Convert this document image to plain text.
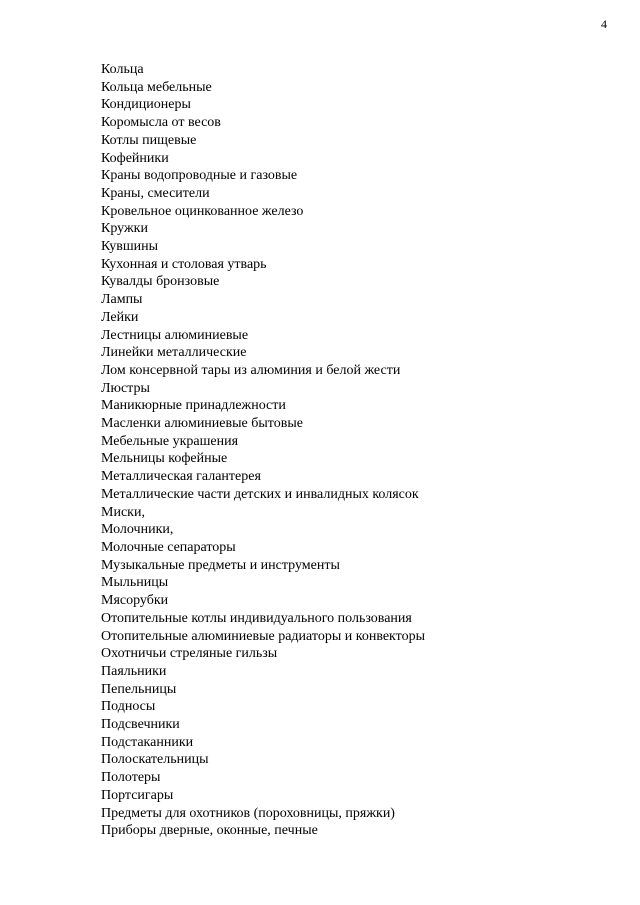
4
Кольца
Кольца мебельные
Кондиционеры
Коромысла от весов
Котлы пищевые
Кофейники
Краны водопроводные и газовые
Краны, смесители
Кровельное оцинкованное железо
Кружки
Кувшины
Кухонная и столовая утварь
Кувалды бронзовые
Лампы
Лейки
Лестницы алюминиевые
Линейки металлические
Лом консервной тары из алюминия и белой жести
Люстры
Маникюрные принадлежности
Масленки алюминиевые бытовые
Мебельные украшения
Мельницы кофейные
Металлическая галантерея
Металлические части детских и инвалидных колясок
Миски,
Молочники,
Молочные сепараторы
Музыкальные предметы и инструменты
Мыльницы
Мясорубки
Отопительные котлы индивидуального пользования
Отопительные алюминиевые радиаторы и конвекторы
Охотничьи стреляные гильзы
Паяльники
Пепельницы
Подносы
Подсвечники
Подстаканники
Полоскательницы
Полотеры
Портсигары
Предметы для охотников (пороховницы, пряжки)
Приборы дверные, оконные, печные
